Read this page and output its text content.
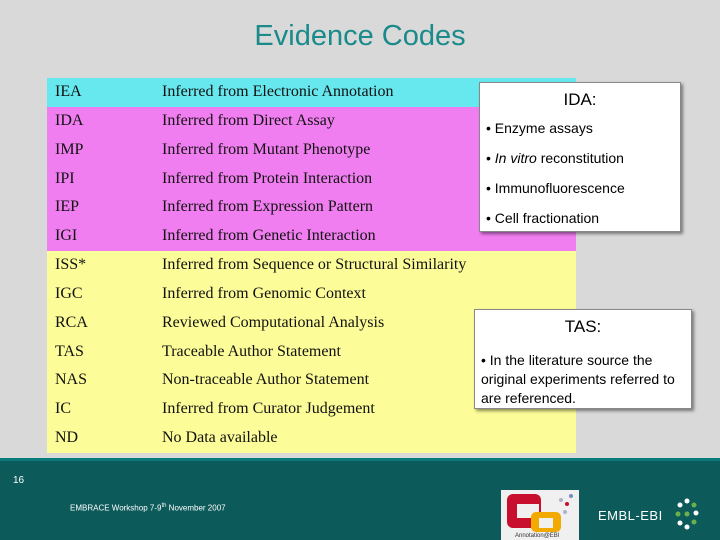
Evidence Codes
IEA	Inferred from Electronic Annotation
IDA	Inferred from Direct Assay
IMP	Inferred from Mutant Phenotype
IPI	Inferred from Protein Interaction
IEP	Inferred from Expression Pattern
IGI	Inferred from Genetic Interaction
ISS*	Inferred from Sequence or Structural Similarity
IGC	Inferred from Genomic Context
RCA	Reviewed Computational Analysis
TAS	Traceable Author Statement
NAS	Non-traceable Author Statement
IC	Inferred from Curator Judgement
ND	No Data available
IDA:
• Enzyme assays
• In vitro reconstitution
• Immunofluorescence
• Cell fractionation
TAS:
• In the literature source the original experiments referred to are referenced.
16
EMBRACE Workshop 7-9th November 2007
Annotation@EBI
EMBL-EBI
